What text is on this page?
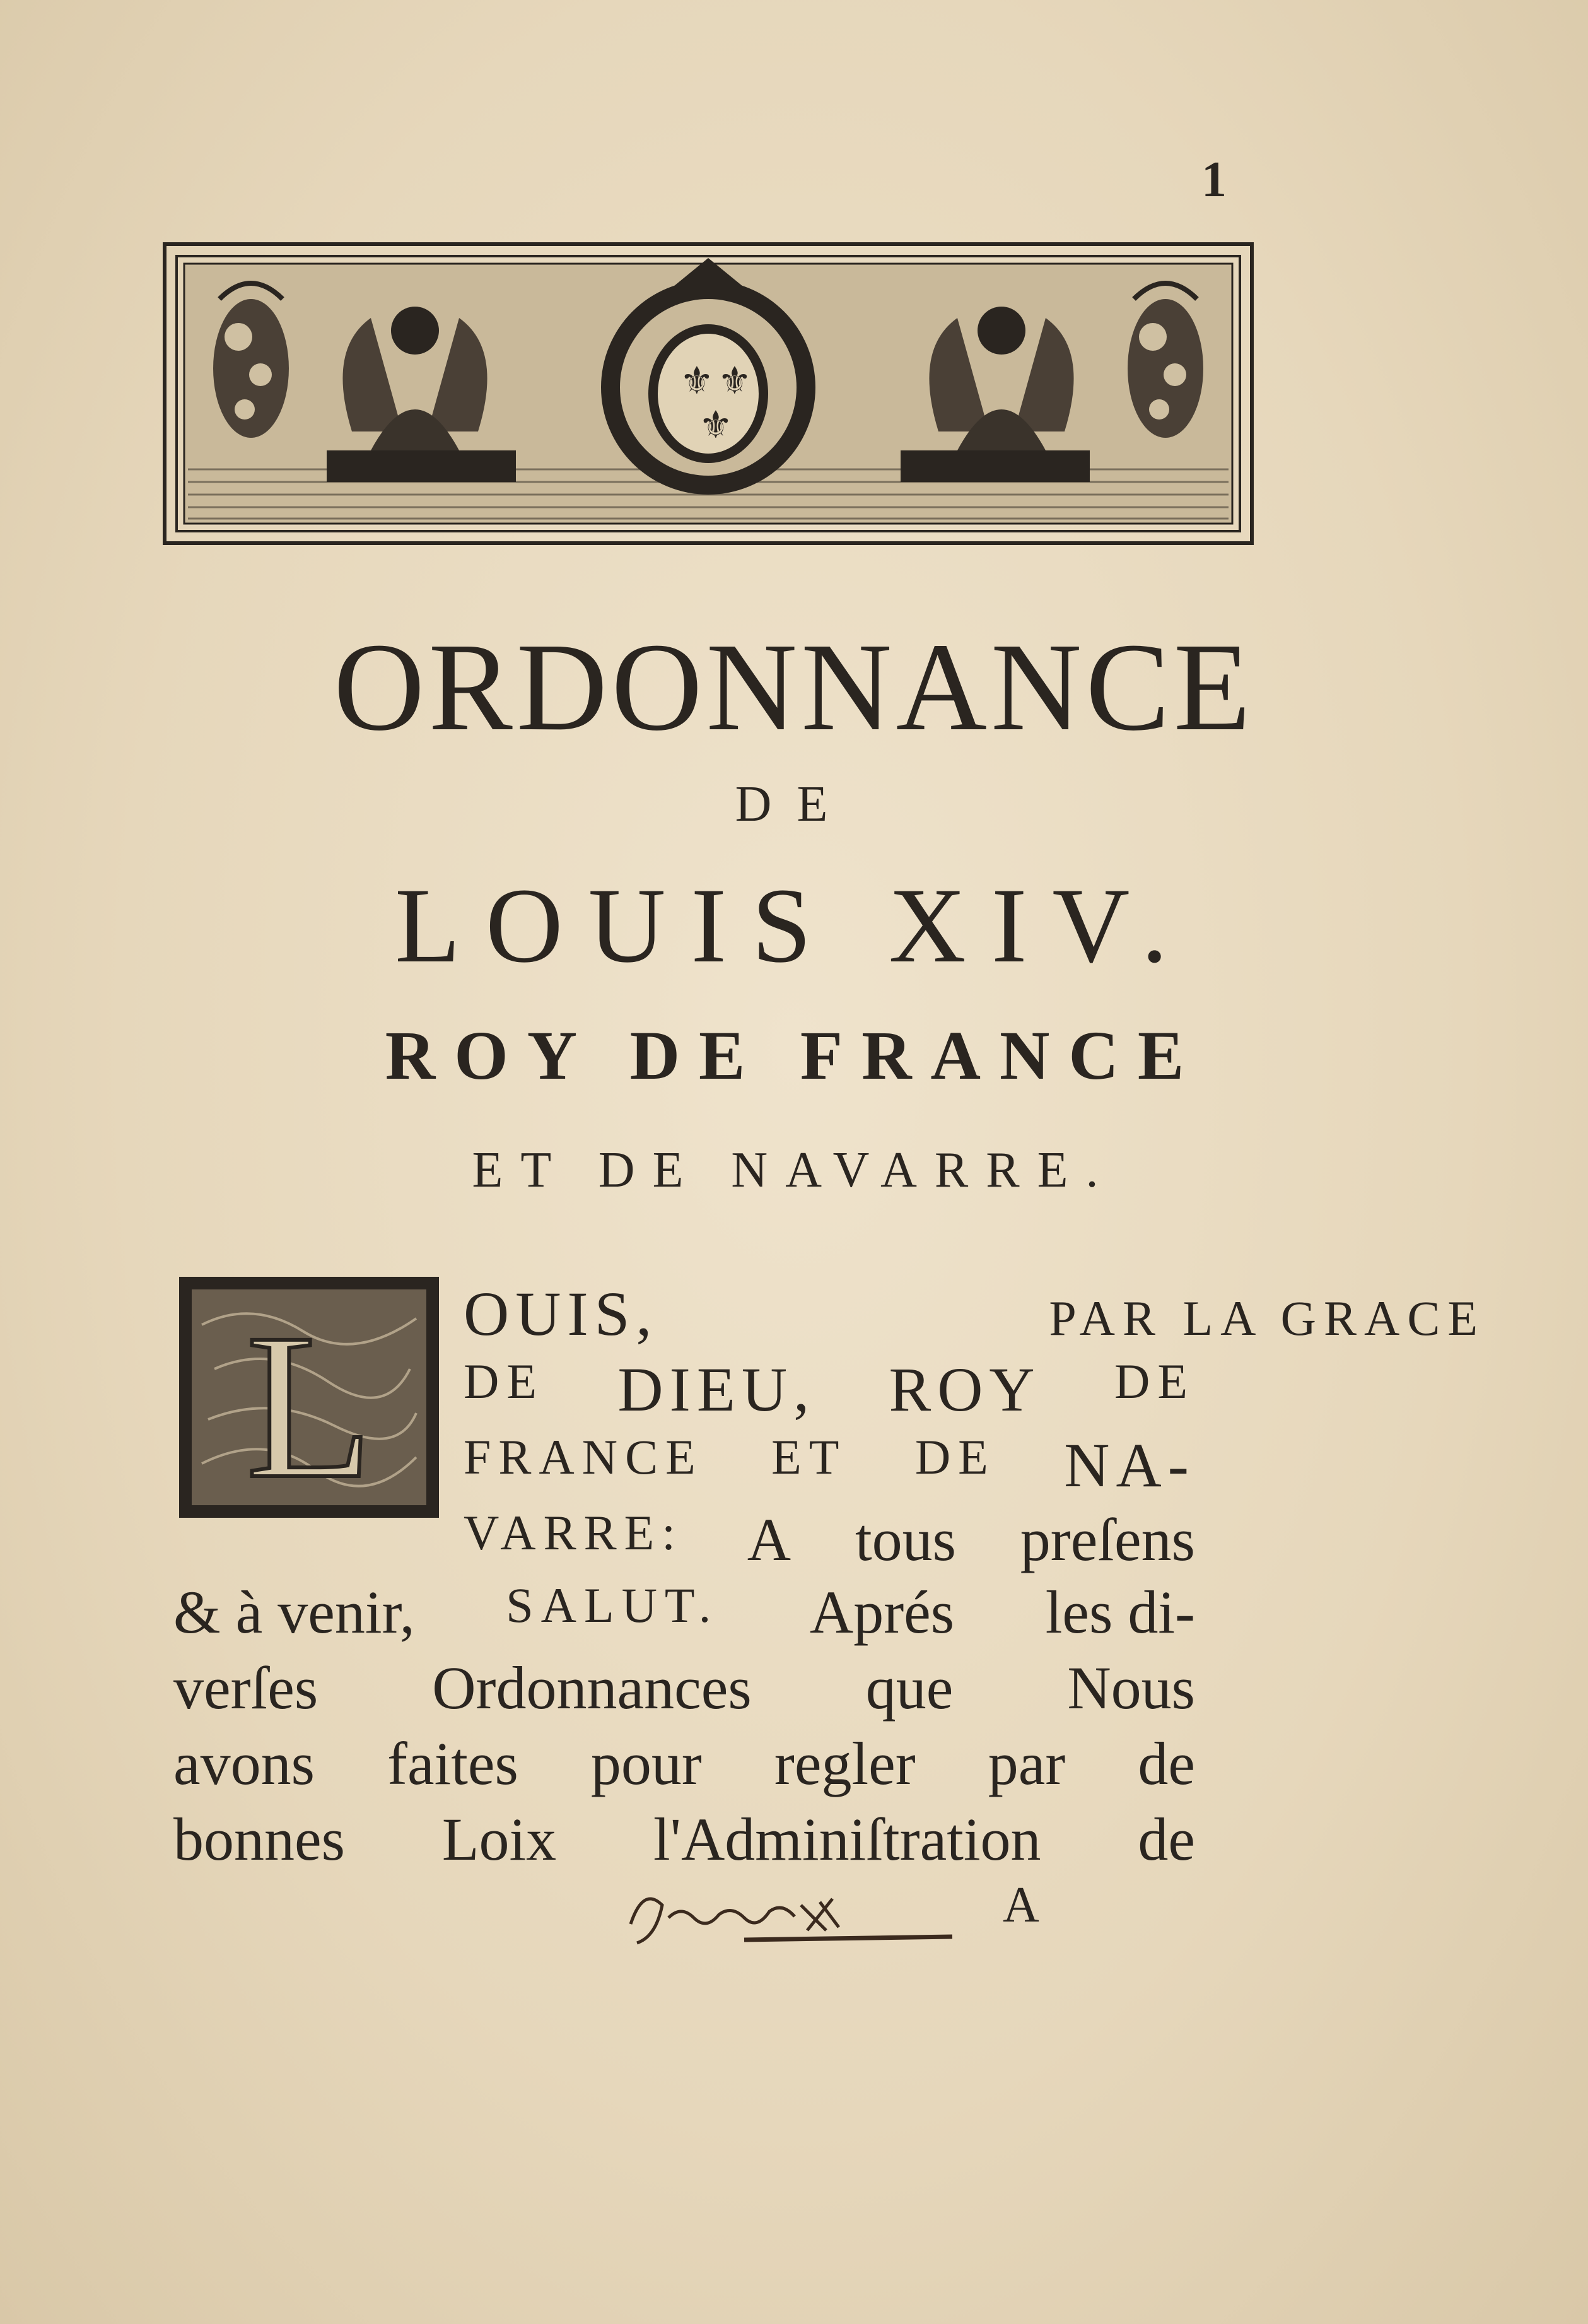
1
⚜ ⚜
⚜
ORDONNANCE
DE
LOUIS XIV.
ROY DE FRANCE
ET DE NAVARRE.
L OUIS,	PAR LA GRACE
DE DIEU, ROY DE
FRANCE ET DE NA-
VARRE: A tous preſens
& à venir, SALUT. Aprés les di-
verſes Ordonnances que Nous
avons faites pour regler par de
bonnes Loix l'Adminiſtration de
A
